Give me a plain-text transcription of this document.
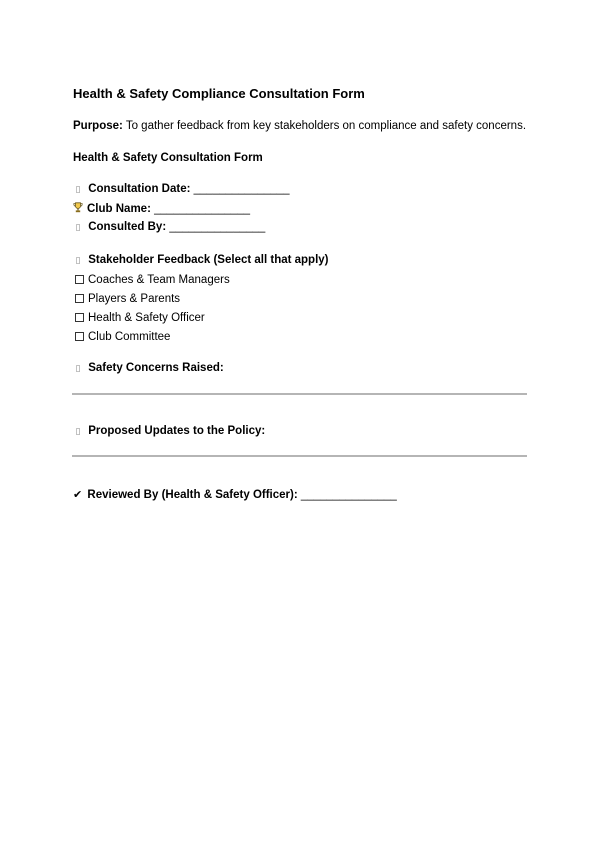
Health & Safety Compliance Consultation Form
Purpose: To gather feedback from key stakeholders on compliance and safety concerns.
Health & Safety Consultation Form
▯ Consultation Date: _______________
Club Name: _______________
▯ Consulted By: _______________
▯ Stakeholder Feedback (Select all that apply)
Coaches & Team Managers
Players & Parents
Health & Safety Officer
Club Committee
▯ Safety Concerns Raised:
▯ Proposed Updates to the Policy:
✔ Reviewed By (Health & Safety Officer): _______________
